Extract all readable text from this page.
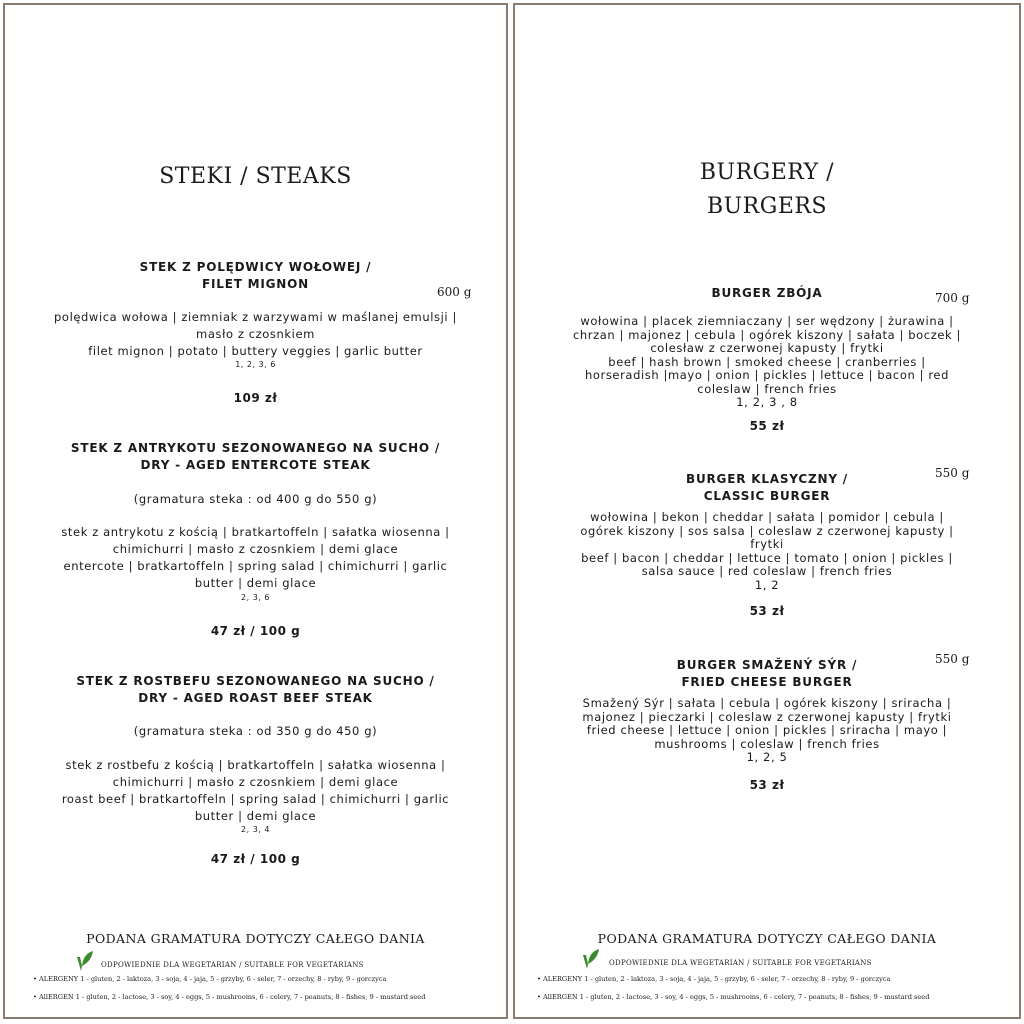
STEKI / STEAKS
STEK Z POLĘDWICY WOŁOWEJ /
FILET MIGNON
600 g
polędwica wołowa | ziemniak z warzywami w maślanej emulsji |
masło z czosnkiem
filet mignon | potato | buttery veggies | garlic butter
1, 2, 3, 6
109 zł
STEK Z ANTRYKOTU SEZONOWANEGO NA SUCHO /
DRY - AGED ENTERCOTE STEAK
(gramatura steka : od 400 g do 550 g)
stek z antrykotu z kością | bratkartoffeln | sałatka wiosenna |
chimichurri | masło z czosnkiem | demi glace
entercote | bratkartoffeln | spring salad | chimichurri | garlic
butter | demi glace
2, 3, 6
47 zł / 100 g
STEK Z ROSTBEFU SEZONOWANEGO NA SUCHO /
DRY - AGED ROAST BEEF STEAK
(gramatura steka : od 350 g do 450 g)
stek z rostbefu z kością | bratkartoffeln | sałatka wiosenna |
chimichurri | masło z czosnkiem | demi glace
roast beef | bratkartoffeln | spring salad | chimichurri | garlic
butter | demi glace
2, 3, 4
47 zł / 100 g
PODANA GRAMATURA DOTYCZY CAŁEGO DANIA
ODPOWIEDNIE DLA WEGETARIAN / SUITABLE FOR VEGETARIANS
• ALERGENY 1 - gluten, 2 - laktoza, 3 - soja, 4 - jaja, 5 - grzyby, 6 - seler, 7 - orzechy, 8 - ryby, 9 - gorczyca
• AllERGEN 1 - gluten, 2 - lactose, 3 - soy, 4 - eggs, 5 - mushrooms, 6 - celery, 7 - peanuts, 8 - fishes, 9 - mustard seed
BURGERY /
BURGERS
BURGER ZBÓJA	700 g
wołowina | placek ziemniaczany | ser wędzony | żurawina |
chrzan | majonez | cebula | ogórek kiszony | sałata | boczek |
colesław z czerwonej kapusty | frytki
beef | hash brown | smoked cheese | cranberries |
horseradish |mayo | onion | pickles | lettuce | bacon | red
coleslaw | french fries
1, 2, 3 , 8
55 zł
BURGER KLASYCZNY /
CLASSIC BURGER
550 g
wołowina | bekon | cheddar | sałata | pomidor | cebula |
ogórek kiszony | sos salsa | coleslaw z czerwonej kapusty |
frytki
beef | bacon | cheddar | lettuce | tomato | onion | pickles |
salsa sauce | red coleslaw | french fries
1, 2
53 zł
BURGER SMAŽENÝ SÝR /
FRIED CHEESE BURGER
550 g
Smažený Sýr | sałata | cebula | ogórek kiszony | sriracha |
majonez | pieczarki | coleslaw z czerwonej kapusty | frytki
fried cheese | lettuce | onion | pickles | sriracha | mayo |
mushrooms | coleslaw | french fries
1, 2, 5
53 zł
PODANA GRAMATURA DOTYCZY CAŁEGO DANIA
ODPOWIEDNIE DLA WEGETARIAN / SUITABLE FOR VEGETARIANS
• ALERGENY 1 - gluten, 2 - laktoza, 3 - soja, 4 - jaja, 5 - grzyby, 6 - seler, 7 - orzechy, 8 - ryby, 9 - gorczyca
• AllERGEN 1 - gluten, 2 - lactose, 3 - soy, 4 - eggs, 5 - mushrooms, 6 - celery, 7 - peanuts, 8 - fishes, 9 - mustard seed
